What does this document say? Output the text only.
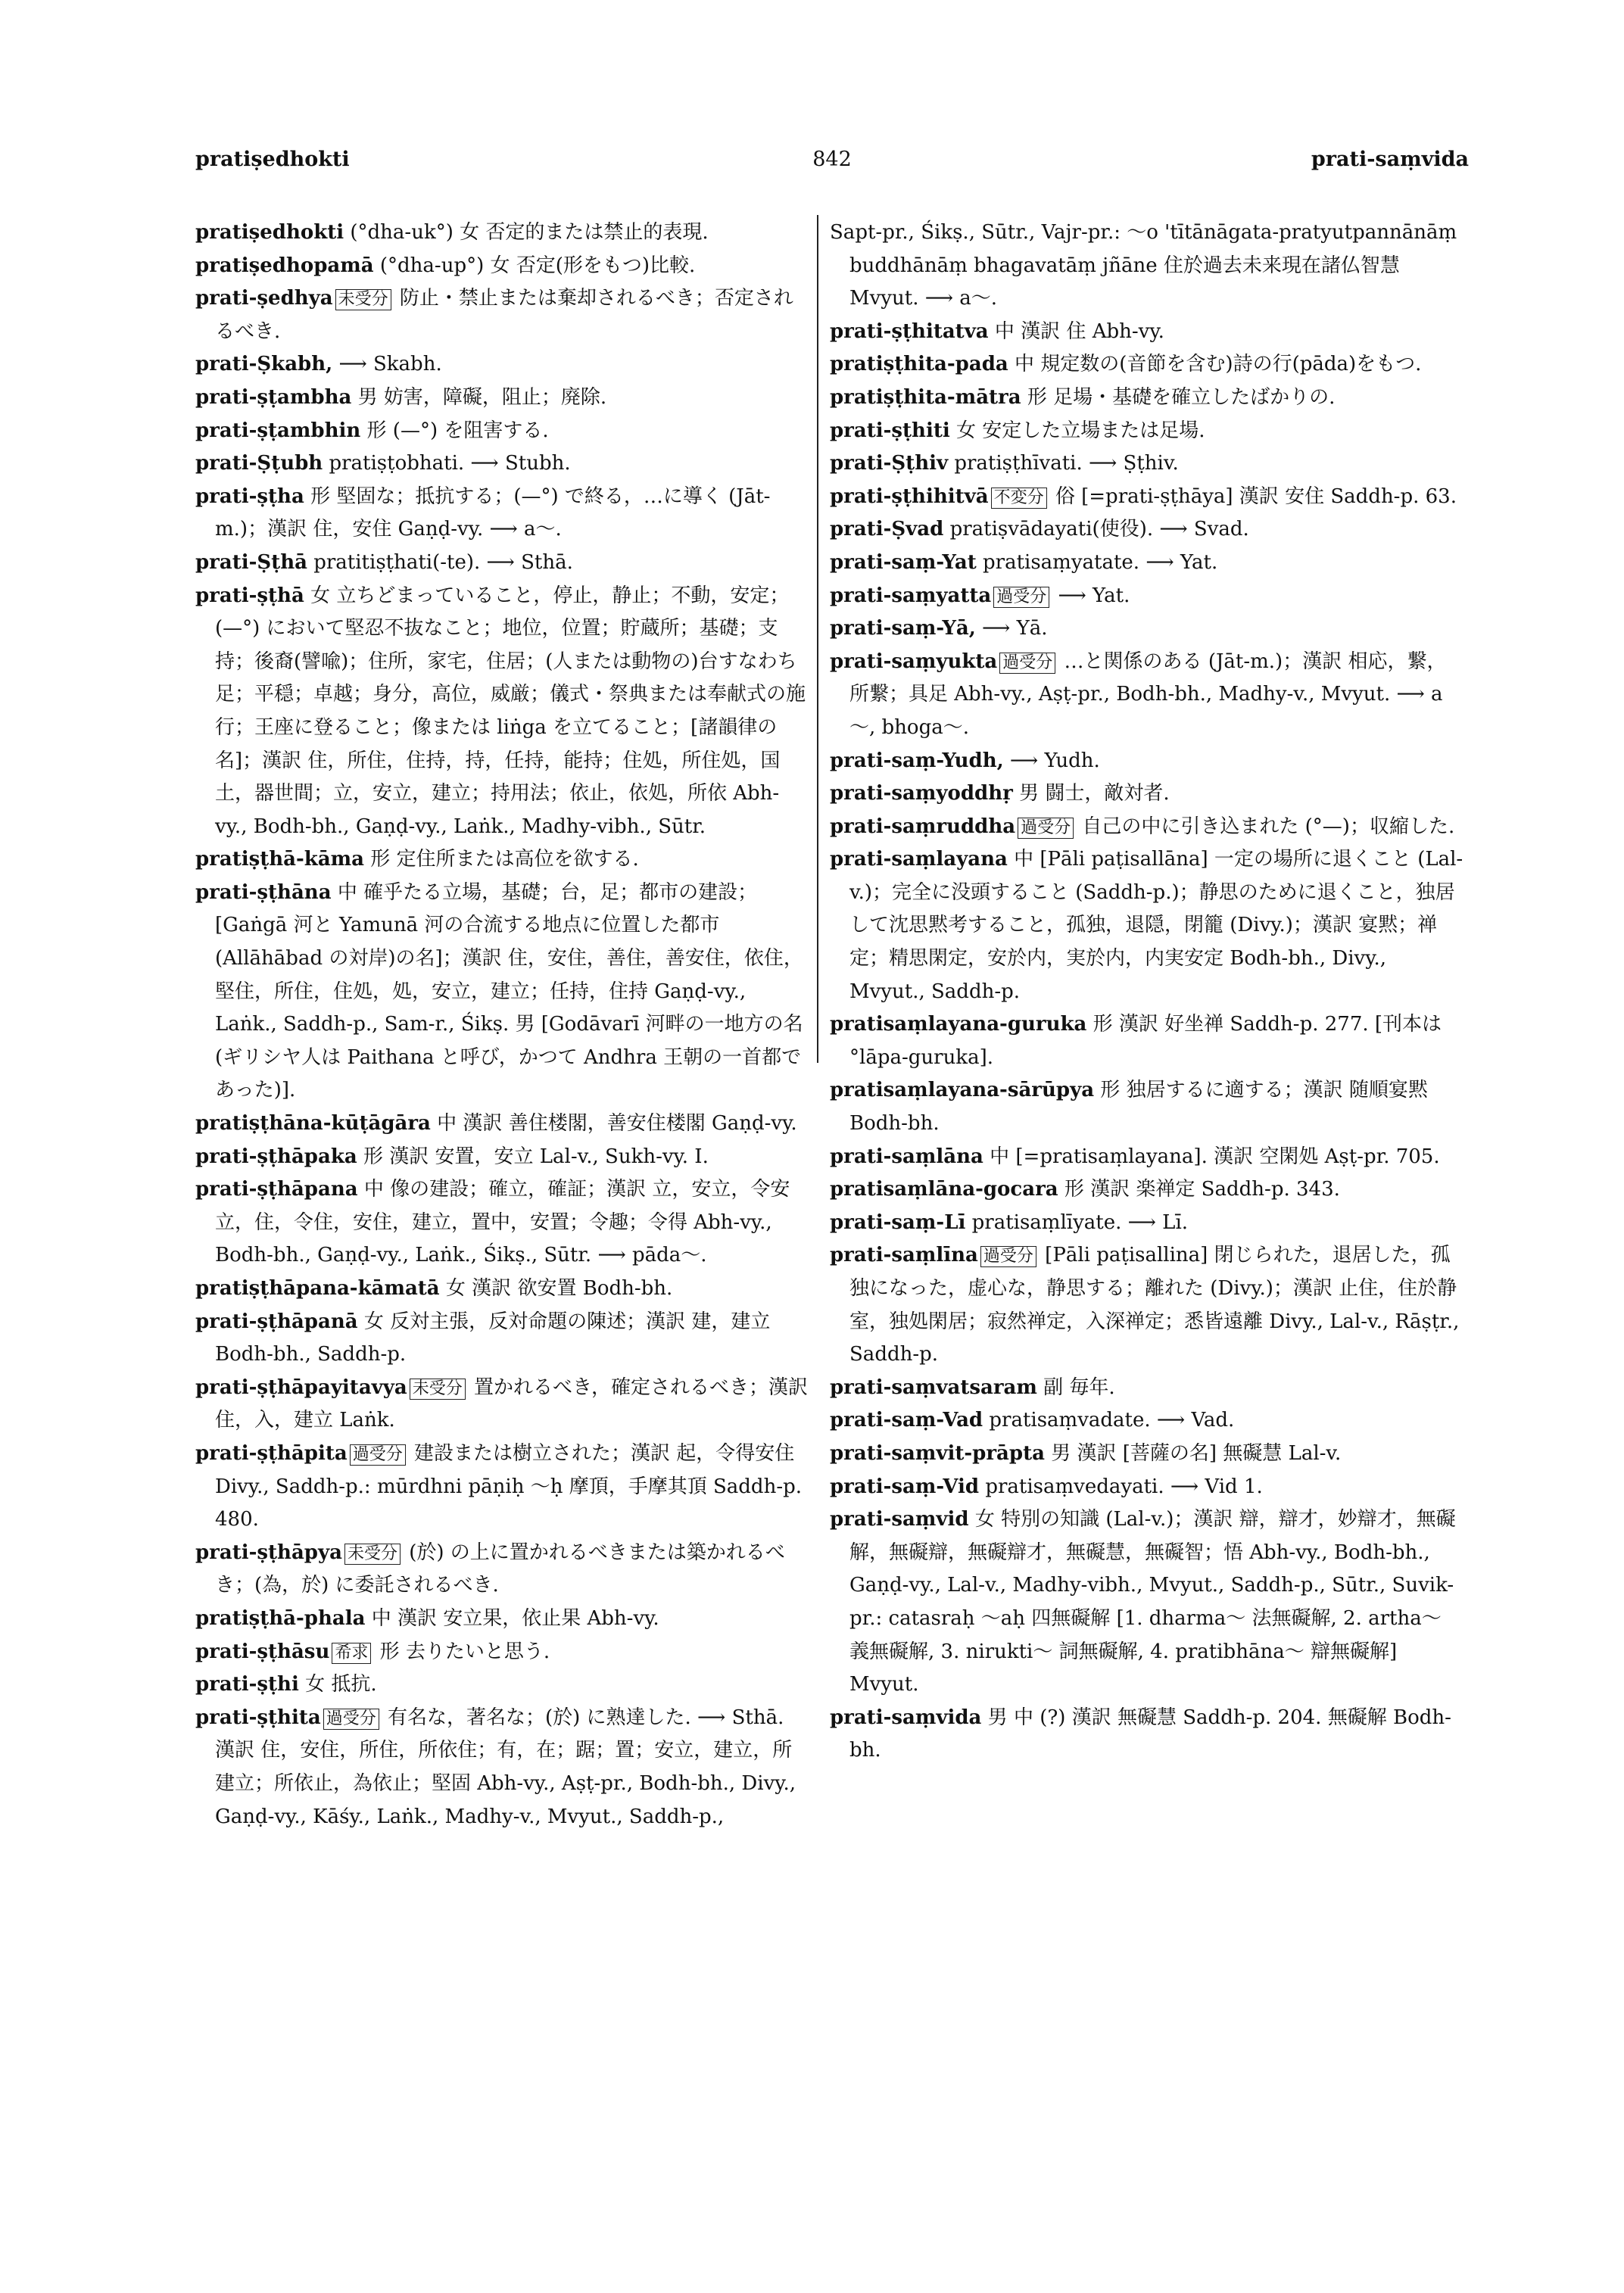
pratiṣedhokti	842	prati-saṃvida

pratiṣedhokti (°dha-uk°) 女 否定的または禁止的表現.

pratiṣedhopamā (°dha-up°) 女 否定(形をもつ)比較.

prati-ṣedhya 未受分 防止・禁止または棄却されるべき；否定されるべき.

prati-Ṣkabh, ⟶ Skabh.

prati-ṣṭambha 男 妨害，障礙，阻止；廃除.

prati-ṣṭambhin 形 (—°) を阻害する.

prati-Ṣṭubh pratiṣṭobhati. ⟶ Stubh.

prati-ṣṭha 形 堅固な；抵抗する；(—°) で終る，…に導く (Jāt-m.)；漢訳 住，安住 Gaṇḍ-vy. ⟶ a～.

prati-Ṣṭhā pratitiṣṭhati(-te). ⟶ Sthā.

prati-ṣṭhā 女 立ちどまっていること，停止，静止；不動，安定；(—°) において堅忍不抜なこと；地位，位置；貯蔵所；基礎；支持；後裔(譬喩)；住所，家宅，住居；(人または動物の)台すなわち足；平穏；卓越；身分，高位，威厳；儀式・祭典または奉献式の施行；王座に登ること；像または liṅga を立てること；[諸韻律の名]；漢訳 住，所住，住持，持，任持，能持；住処，所住処，国土，器世間；立，安立，建立；持用法；依止，依処，所依 Abh-vy., Bodh-bh., Gaṇḍ-vy., Laṅk., Madhy-vibh., Sūtr.

pratiṣṭhā-kāma 形 定住所または高位を欲する.

prati-ṣṭhāna 中 確乎たる立場，基礎；台，足；都市の建設；[Gaṅgā 河と Yamunā 河の合流する地点に位置した都市(Allāhābad の対岸)の名]；漢訳 住，安住，善住，善安住，依住，堅住，所住，住処，処，安立，建立；任持，住持 Gaṇḍ-vy., Laṅk., Saddh-p., Sam-r., Śikṣ. 男 [Godāvarī 河畔の一地方の名(ギリシヤ人は Paithana と呼び，かつて Andhra 王朝の一首都であった)].

pratiṣṭhāna-kūṭāgāra 中 漢訳 善住楼閣，善安住楼閣 Gaṇḍ-vy.

prati-ṣṭhāpaka 形 漢訳 安置，安立 Lal-v., Sukh-vy. I.

prati-ṣṭhāpana 中 像の建設；確立，確証；漢訳 立，安立，令安立，住，令住，安住，建立，置中，安置；令趣；令得 Abh-vy., Bodh-bh., Gaṇḍ-vy., Laṅk., Śikṣ., Sūtr. ⟶ pāda～.

pratiṣṭhāpana-kāmatā 女 漢訳 欲安置 Bodh-bh.

prati-ṣṭhāpanā 女 反対主張，反対命題の陳述；漢訳 建，建立 Bodh-bh., Saddh-p.

prati-ṣṭhāpayitavya 未受分 置かれるべき，確定されるべき；漢訳 住，入，建立 Laṅk.

prati-ṣṭhāpita 過受分 建設または樹立された；漢訳 起，令得安住 Divy., Saddh-p.: mūrdhni pāṇiḥ ～ḥ 摩頂，手摩其頂 Saddh-p. 480.

prati-ṣṭhāpya 未受分 (於) の上に置かれるべきまたは築かれるべき；(為，於) に委託されるべき.

pratiṣṭhā-phala 中 漢訳 安立果，依止果 Abh-vy.

prati-ṣṭhāsu 希求 形 去りたいと思う.

prati-ṣṭhi 女 抵抗.

prati-ṣṭhita 過受分 有名な，著名な；(於) に熟達した. ⟶ Sthā. 漢訳 住，安住，所住，所依住；有，在；踞；置；安立，建立，所建立；所依止，為依止；堅固 Abh-vy., Aṣṭ-pr., Bodh-bh., Divy., Gaṇḍ-vy., Kāśy., Laṅk., Madhy-v., Mvyut., Saddh-p.,

Sapt-pr., Śikṣ., Sūtr., Vajr-pr.: ～o 'tītānāgata-pratyutpannānāṃ buddhānāṃ bhagavatāṃ jñāne 住於過去未来現在諸仏智慧 Mvyut. ⟶ a～.

prati-ṣṭhitatva 中 漢訳 住 Abh-vy.

pratiṣṭhita-pada 中 規定数の(音節を含む)詩の行(pāda)をもつ.

pratiṣṭhita-mātra 形 足場・基礎を確立したばかりの.

prati-ṣṭhiti 女 安定した立場または足場.

prati-Ṣṭhiv pratiṣṭhīvati. ⟶ Ṣṭhiv.

prati-ṣṭhihitvā 不変分 俗 [=prati-ṣṭhāya] 漢訳 安住 Saddh-p. 63.

prati-Ṣvad pratiṣvādayati(使役). ⟶ Svad.

prati-saṃ-Yat pratisaṃyatate. ⟶ Yat.

prati-saṃyatta 過受分 ⟶ Yat.

prati-saṃ-Yā, ⟶ Yā.

prati-saṃyukta 過受分 …と関係のある (Jāt-m.)；漢訳 相応，繋，所繋；具足 Abh-vy., Aṣṭ-pr., Bodh-bh., Madhy-v., Mvyut. ⟶ a～, bhoga～.

prati-saṃ-Yudh, ⟶ Yudh.

prati-saṃyoddhṛ 男 闘士，敵対者.

prati-saṃruddha 過受分 自己の中に引き込まれた (°—)；収縮した.

prati-saṃlayana 中 [Pāli paṭisallāna] 一定の場所に退くこと (Lal-v.)；完全に没頭すること (Saddh-p.)；静思のために退くこと，独居して沈思黙考すること，孤独，退隠，閉籠 (Divy.)；漢訳 宴黙；禅定；精思閑定，安於内，実於内，内実安定 Bodh-bh., Divy., Mvyut., Saddh-p.

pratisaṃlayana-guruka 形 漢訳 好坐禅 Saddh-p. 277. [刊本は °lāpa-guruka].

pratisaṃlayana-sārūpya 形 独居するに適する；漢訳 随順宴黙 Bodh-bh.

prati-saṃlāna 中 [=pratisaṃlayana]. 漢訳 空閑処 Aṣṭ-pr. 705.

pratisaṃlāna-gocara 形 漢訳 楽禅定 Saddh-p. 343.

prati-saṃ-Lī pratisaṃlīyate. ⟶ Lī.

prati-saṃlīna 過受分 [Pāli paṭisallina] 閉じられた，退居した，孤独になった，虚心な，静思する；離れた (Divy.)；漢訳 止住，住於静室，独処閑居；寂然禅定，入深禅定；悉皆遠離 Divy., Lal-v., Rāṣṭr., Saddh-p.

prati-saṃvatsaram 副 毎年.

prati-saṃ-Vad pratisaṃvadate. ⟶ Vad.

prati-saṃvit-prāpta 男 漢訳 [菩薩の名] 無礙慧 Lal-v.

prati-saṃ-Vid pratisaṃvedayati. ⟶ Vid 1.

prati-saṃvid 女 特別の知識 (Lal-v.)；漢訳 辯，辯才，妙辯才，無礙解，無礙辯，無礙辯才，無礙慧，無礙智；悟 Abh-vy., Bodh-bh., Gaṇḍ-vy., Lal-v., Madhy-vibh., Mvyut., Saddh-p., Sūtr., Suvik-pr.: catasraḥ ～aḥ 四無礙解 [1. dharma～ 法無礙解, 2. artha～ 義無礙解, 3. nirukti～ 詞無礙解, 4. pratibhāna～ 辯無礙解] Mvyut.

prati-saṃvida 男 中 (?) 漢訳 無礙慧 Saddh-p. 204. 無礙解 Bodh-bh.
